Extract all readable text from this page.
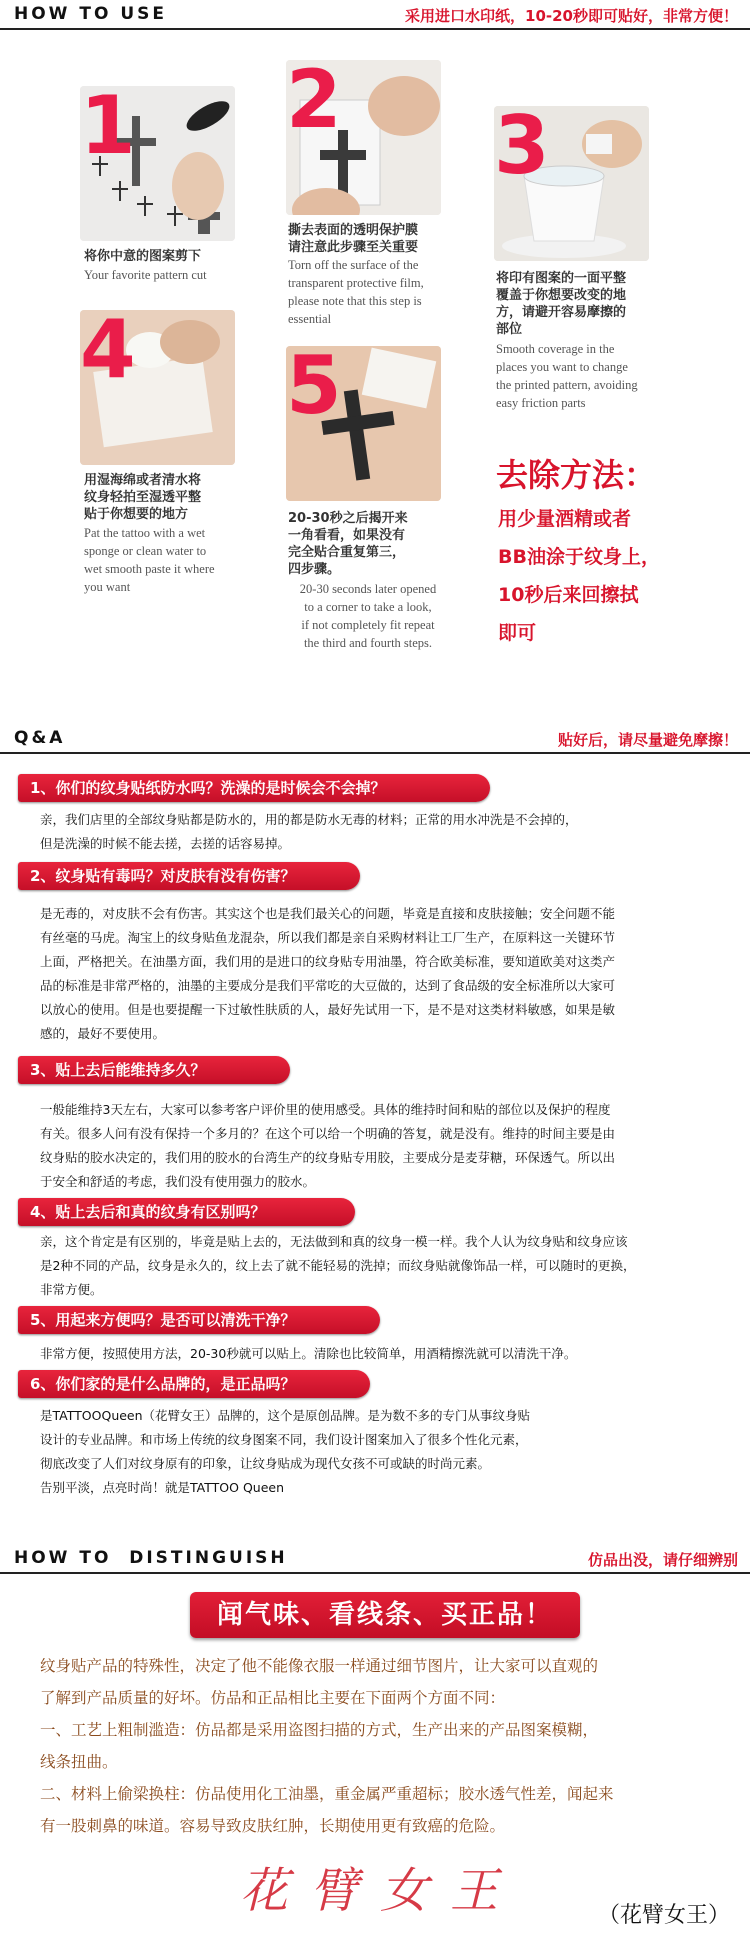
HOW TO USE	采用进口水印纸，10-20秒即可贴好，非常方便！
1
将你中意的图案剪下
Your favorite pattern cut
2
撕去表面的透明保护膜
请注意此步骤至关重要
Torn off the surface of the
transparent protective film,
please note that this step is
essential
3
将印有图案的一面平整
覆盖于你想要改变的地
方，请避开容易摩擦的
部位
Smooth coverage in the
places you want to change
the printed pattern, avoiding
easy friction parts
4
用湿海绵或者清水将
纹身轻拍至湿透平整
贴于你想要的地方
Pat the tattoo with a wet
sponge or clean water to
wet smooth paste it where
you want
5
20-30秒之后揭开来
一角看看，如果没有
完全贴合重复第三，
四步骤。
20-30 seconds later opened
to a corner to take a look,
if not completely fit repeat
the third and fourth steps.
去除方法：
用少量酒精或者
BB油涂于纹身上，
10秒后来回擦拭
即可
Q&A	贴好后，请尽量避免摩擦！
1、你们的纹身贴纸防水吗？洗澡的是时候会不会掉？
亲，我们店里的全部纹身贴都是防水的，用的都是防水无毒的材料；正常的用水冲洗是不会掉的，
但是洗澡的时候不能去搓，去搓的话容易掉。
2、纹身贴有毒吗？对皮肤有没有伤害？
是无毒的，对皮肤不会有伤害。其实这个也是我们最关心的问题，毕竟是直接和皮肤接触；安全问题不能
有丝毫的马虎。淘宝上的纹身贴鱼龙混杂，所以我们都是亲自采购材料让工厂生产，在原料这一关键环节
上面，严格把关。在油墨方面，我们用的是进口的纹身贴专用油墨，符合欧美标准，要知道欧美对这类产
品的标准是非常严格的，油墨的主要成分是我们平常吃的大豆做的，达到了食品级的安全标准所以大家可
以放心的使用。但是也要提醒一下过敏性肤质的人，最好先试用一下，是不是对这类材料敏感，如果是敏
感的，最好不要使用。
3、贴上去后能维持多久？
一般能维持3天左右，大家可以参考客户评价里的使用感受。具体的维持时间和贴的部位以及保护的程度
有关。很多人问有没有保持一个多月的？在这个可以给一个明确的答复，就是没有。维持的时间主要是由
纹身贴的胶水决定的，我们用的胶水的台湾生产的纹身贴专用胶，主要成分是麦芽糖，环保透气。所以出
于安全和舒适的考虑，我们没有使用强力的胶水。
4、贴上去后和真的纹身有区别吗？
亲，这个肯定是有区别的，毕竟是贴上去的，无法做到和真的纹身一模一样。我个人认为纹身贴和纹身应该
是2种不同的产品，纹身是永久的，纹上去了就不能轻易的洗掉；而纹身贴就像饰品一样，可以随时的更换，
非常方便。
5、用起来方便吗？是否可以清洗干净？
非常方便，按照使用方法，20-30秒就可以贴上。清除也比较简单，用酒精擦洗就可以清洗干净。
6、你们家的是什么品牌的，是正品吗？
是TATTOOQueen（花臂女王）品牌的，这个是原创品牌。是为数不多的专门从事纹身贴
设计的专业品牌。和市场上传统的纹身图案不同，我们设计图案加入了很多个性化元素，
彻底改变了人们对纹身原有的印象，让纹身贴成为现代女孩不可或缺的时尚元素。
告别平淡，点亮时尚！就是TATTOO Queen
HOW TO  DISTINGUISH	仿品出没，请仔细辨别
闻气味、看线条、买正品！
纹身贴产品的特殊性，决定了他不能像衣服一样通过细节图片，让大家可以直观的
了解到产品质量的好坏。仿品和正品相比主要在下面两个方面不同：
一、工艺上粗制滥造：仿品都是采用盗图扫描的方式，生产出来的产品图案模糊，
线条扭曲。
二、材料上偷梁换柱：仿品使用化工油墨，重金属严重超标；胶水透气性差，闻起来
有一股刺鼻的味道。容易导致皮肤红肿，长期使用更有致癌的危险。
花臂女王	（花臂女王）
